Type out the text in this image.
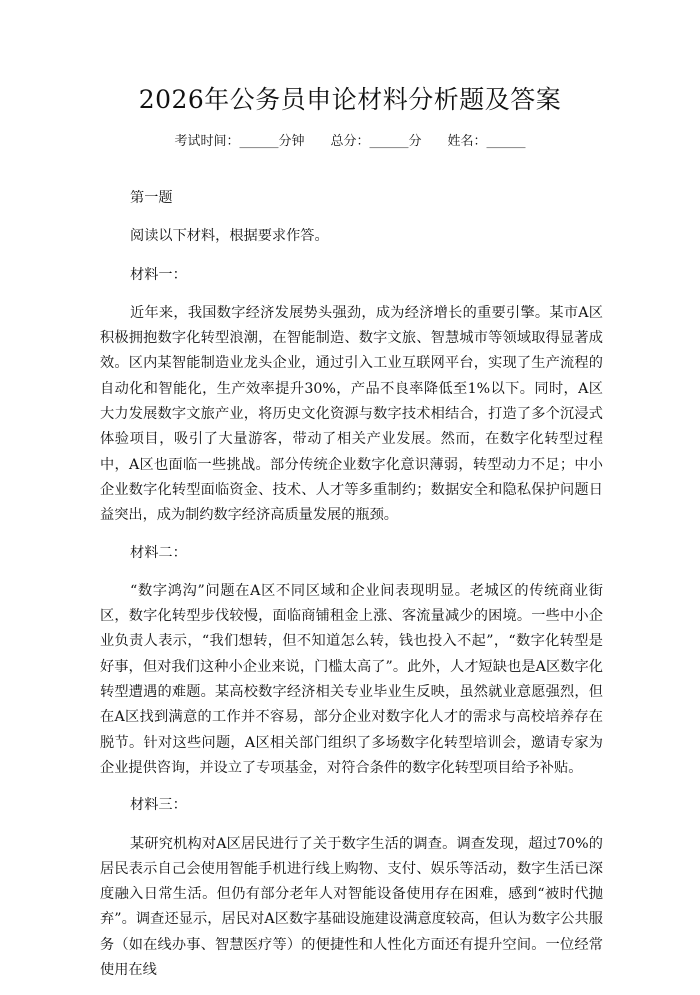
2026年公务员申论材料分析题及答案
考试时间：______分钟　　总分：______分　　姓名：______

第一题

阅读以下材料，根据要求作答。

材料一：

近年来，我国数字经济发展势头强劲，成为经济增长的重要引擎。某市A区积极拥抱数字化转型浪潮，在智能制造、数字文旅、智慧城市等领域取得显著成效。区内某智能制造业龙头企业，通过引入工业互联网平台，实现了生产流程的自动化和智能化，生产效率提升30%，产品不良率降低至1%以下。同时，A区大力发展数字文旅产业，将历史文化资源与数字技术相结合，打造了多个沉浸式体验项目，吸引了大量游客，带动了相关产业发展。然而，在数字化转型过程中，A区也面临一些挑战。部分传统企业数字化意识薄弱，转型动力不足；中小企业数字化转型面临资金、技术、人才等多重制约；数据安全和隐私保护问题日益突出，成为制约数字经济高质量发展的瓶颈。

材料二：

“数字鸿沟”问题在A区不同区域和企业间表现明显。老城区的传统商业街区，数字化转型步伐较慢，面临商铺租金上涨、客流量减少的困境。一些中小企业负责人表示，“我们想转，但不知道怎么转，钱也投入不起”，“数字化转型是好事，但对我们这种小企业来说，门槛太高了”。此外，人才短缺也是A区数字化转型遭遇的难题。某高校数字经济相关专业毕业生反映，虽然就业意愿强烈，但在A区找到满意的工作并不容易，部分企业对数字化人才的需求与高校培养存在脱节。针对这些问题，A区相关部门组织了多场数字化转型培训会，邀请专家为企业提供咨询，并设立了专项基金，对符合条件的数字化转型项目给予补贴。

材料三：

某研究机构对A区居民进行了关于数字生活的调查。调查发现，超过70%的居民表示自己会使用智能手机进行线上购物、支付、娱乐等活动，数字生活已深度融入日常生活。但仍有部分老年人对智能设备使用存在困难，感到“被时代抛弃”。调查还显示，居民对A区数字基础设施建设满意度较高，但认为数字公共服务（如在线办事、智慧医疗等）的便捷性和人性化方面还有提升空间。一位经常使用在线
